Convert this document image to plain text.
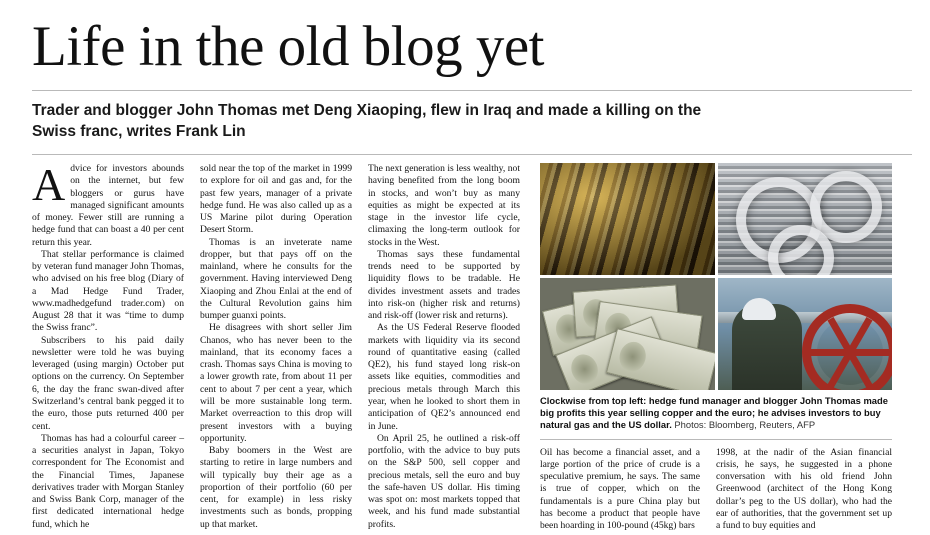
Life in the old blog yet
Trader and blogger John Thomas met Deng Xiaoping, flew in Iraq and made a killing on the Swiss franc, writes Frank Lin

Advice for investors abounds on the internet, but few bloggers or gurus have managed significant amounts of money. Fewer still are running a hedge fund that can boast a 40 per cent return this year.

That stellar performance is claimed by veteran fund manager John Thomas, who advised on his free blog (Diary of a Mad Hedge Fund Trader, www.madhedgefund trader.com) on August 28 that it was “time to dump the Swiss franc”.

Subscribers to his paid daily newsletter were told he was buying leveraged (using margin) October put options on the currency. On September 6, the day the franc swan-dived after Switzerland’s central bank pegged it to the euro, those puts returned 400 per cent.

Thomas has had a colourful career – a securities analyst in Japan, Tokyo correspondent for The Economist and the Financial Times, Japanese derivatives trader with Morgan Stanley and Swiss Bank Corp, manager of the first dedicated international hedge fund, which he

sold near the top of the market in 1999 to explore for oil and gas and, for the past few years, manager of a private hedge fund. He was also called up as a US Marine pilot during Operation Desert Storm.

Thomas is an inveterate name dropper, but that pays off on the mainland, where he consults for the government. Having interviewed Deng Xiaoping and Zhou Enlai at the end of the Cultural Revolution gains him bumper guanxi points.

He disagrees with short seller Jim Chanos, who has never been to the mainland, that its economy faces a crash. Thomas says China is moving to a lower growth rate, from about 11 per cent to about 7 per cent a year, which will be more sustainable long term. Market overreaction to this drop will present investors with a buying opportunity.

Baby boomers in the West are starting to retire in large numbers and will typically buy their age as a proportion of their portfolio (60 per cent, for example) in less risky investments such as bonds, propping up that market.

The next generation is less wealthy, not having benefited from the long boom in stocks, and won’t buy as many equities as might be expected at its stage in the investor life cycle, climaxing the long-term outlook for stocks in the West.

Thomas says these fundamental trends need to be supported by liquidity flows to be tradable. He divides investment assets and trades into risk-on (higher risk and returns) and risk-off (lower risk and returns).

As the US Federal Reserve flooded markets with liquidity via its second round of quantitative easing (called QE2), his fund stayed long risk-on assets like equities, commodities and precious metals through March this year, when he looked to short them in anticipation of QE2’s announced end in June.

On April 25, he outlined a risk-off portfolio, with the advice to buy puts on the S&P 500, sell copper and precious metals, sell the euro and buy the safe-haven US dollar. His timing was spot on: most markets topped that week, and his fund made substantial profits.

Clockwise from top left: hedge fund manager and blogger John Thomas made big profits this year selling copper and the euro; he advises investors to buy natural gas and the US dollar. Photos: Bloomberg, Reuters, AFP

Oil has become a financial asset, and a large portion of the price of crude is a speculative premium, he says. The same is true of copper, which on the fundamentals is a pure China play but has become a product that people have been hoarding in 100-pound (45kg) bars

1998, at the nadir of the Asian financial crisis, he says, he suggested in a phone conversation with his old friend John Greenwood (architect of the Hong Kong dollar’s peg to the US dollar), who had the ear of authorities, that the government set up a fund to buy equities and
